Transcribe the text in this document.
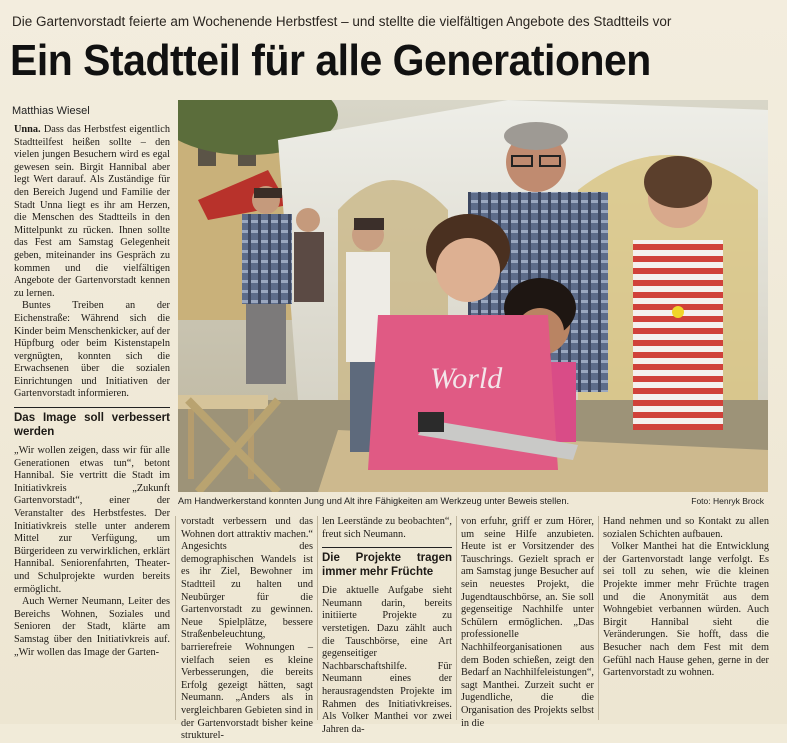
Die Gartenvorstadt feierte am Wochenende Herbstfest – und stellte die vielfältigen Angebote des Stadtteils vor
Ein Stadtteil für alle Generationen
Matthias Wiesel

Unna. Dass das Herbstfest eigentlich Stadtteilfest heißen sollte – den vielen jungen Besuchern wird es egal gewesen sein. Birgit Hannibal aber legt Wert darauf. Als Zuständige für den Bereich Jugend und Familie der Stadt Unna liegt es ihr am Herzen, die Menschen des Stadtteils in den Mittelpunkt zu rücken. Ihnen sollte das Fest am Samstag Gelegenheit geben, miteinander ins Gespräch zu kommen und die vielfältigen Angebote der Gartenvorstadt kennen zu lernen.

Buntes Treiben an der Eichenstraße: Während sich die Kinder beim Menschenkicker, auf der Hüpfburg oder beim Kistenstapeln vergnügten, konnten sich die Erwachsenen über die sozialen Einrichtungen und Initiativen der Gartenvorstadt informieren.

Das Image soll verbessert werden

„Wir wollen zeigen, dass wir für alle Generationen etwas tun“, betont Hannibal. Sie vertritt die Stadt im Initiativkreis „Zukunft Gartenvorstadt“, einer der Veranstalter des Herbstfestes. Der Initiativkreis stelle unter anderem Mittel zur Verfügung, um Bürgerideen zu verwirklichen, erklärt Hannibal. Seniorenfahrten, Theater- und Schulprojekte wurden bereits ermöglicht.

Auch Werner Neumann, Leiter des Bereichs Wohnen, Soziales und Senioren der Stadt, klärte am Samstag über den Initiativkreis auf. „Wir wollen das Image der Garten-

World
Am Handwerkerstand konnten Jung und Alt ihre Fähigkeiten am Werkzeug unter Beweis stellen.	Foto: Henryk Brock

vorstadt verbessern und das Wohnen dort attraktiv machen.“ Angesichts des demographischen Wandels ist es ihr Ziel, Bewohner im Stadtteil zu halten und Neubürger für die Gartenvorstadt zu gewinnen. Neue Spielplätze, bessere Straßenbeleuchtung, barrierefreie Wohnungen – vielfach seien es kleine Verbesserungen, die bereits Erfolg gezeigt hätten, sagt Neumann. „Anders als in vergleichbaren Gebieten sind in der Gartenvorstadt bisher keine strukturel-

len Leerstände zu beobachten“, freut sich Neumann.

Die Projekte tragen immer mehr Früchte

Die aktuelle Aufgabe sieht Neumann darin, bereits initiierte Projekte zu verstetigen. Dazu zählt auch die Tauschbörse, eine Art gegenseitiger Nachbarschaftshilfe. Für Neumann eines der herausragendsten Projekte im Rahmen des Initiativkreises. Als Volker Manthei vor zwei Jahren da-

von erfuhr, griff er zum Hörer, um seine Hilfe anzubieten. Heute ist er Vorsitzender des Tauschrings. Gezielt sprach er am Samstag junge Besucher auf sein neuestes Projekt, die Jugendtauschbörse, an. Sie soll gegenseitige Nachhilfe unter Schülern ermöglichen. „Das professionelle Nachhilfeorganisationen aus dem Boden schießen, zeigt den Bedarf an Nachhilfeleistungen“, sagt Manthei. Zurzeit sucht er Jugendliche, die die Organisation des Projekts selbst in die

Hand nehmen und so Kontakt zu allen sozialen Schichten aufbauen.

Volker Manthei hat die Entwicklung der Gartenvorstadt lange verfolgt. Es sei toll zu sehen, wie die kleinen Projekte immer mehr Früchte tragen und die Anonymität aus dem Wohngebiet verbannen würden. Auch Birgit Hannibal sieht die Veränderungen. Sie hofft, dass die Besucher nach dem Fest mit dem Gefühl nach Hause gehen, gerne in der Gartenvorstadt zu wohnen.
